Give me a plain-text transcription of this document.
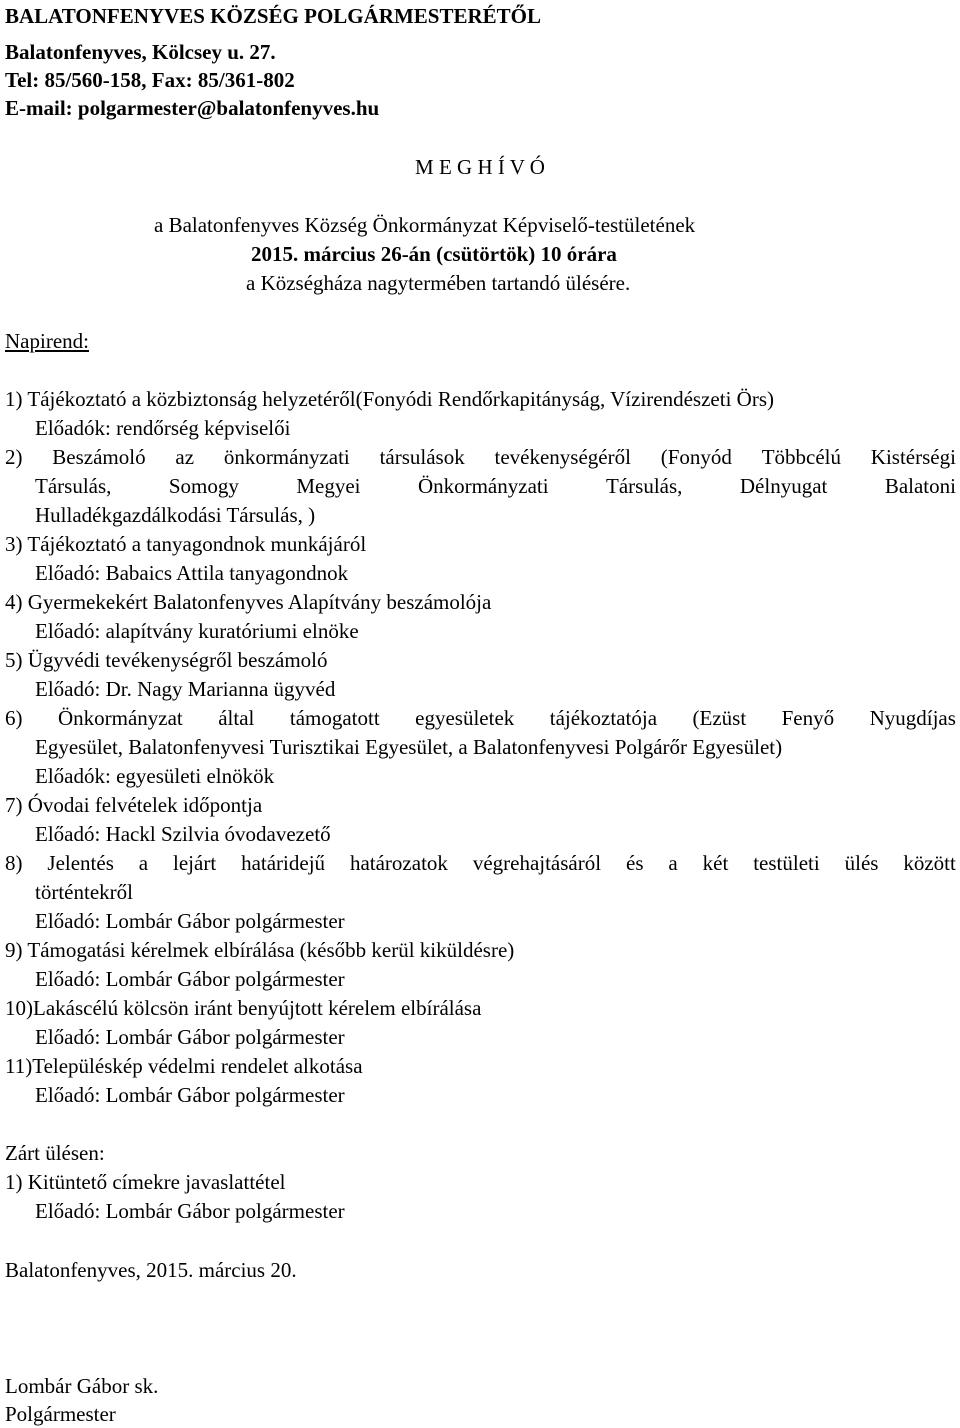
BALATONFENYVES KÖZSÉG POLGÁRMESTERÉTŐL
Balatonfenyves, Kölcsey u. 27.
Tel: 85/560-158, Fax: 85/361-802
E-mail: polgarmester@balatonfenyves.hu
M E G H Í V Ó
a Balatonfenyves Község Önkormányzat Képviselő-testületének
2015. március 26-án (csütörtök) 10 órára
a Községháza nagytermében tartandó ülésére.
Napirend:
1) Tájékoztató a közbiztonság helyzetéről(Fonyódi Rendőrkapitányság, Vízirendészeti Örs)
Előadók: rendőrség képviselői
2) Beszámoló az önkormányzati társulások tevékenységéről (Fonyód Többcélú Kistérségi
Társulás,	Somogy	Megyei	Önkormányzati	Társulás,	Délnyugat	Balatoni
Hulladékgazdálkodási Társulás, )
3) Tájékoztató a tanyagondnok munkájáról
Előadó: Babaics Attila tanyagondnok
4) Gyermekekért Balatonfenyves Alapítvány beszámolója
Előadó: alapítvány kuratóriumi elnöke
5) Ügyvédi tevékenységről beszámoló
Előadó: Dr. Nagy Marianna ügyvéd
6) Önkormányzat által támogatott egyesületek tájékoztatója (Ezüst Fenyő Nyugdíjas
Egyesület, Balatonfenyvesi Turisztikai Egyesület, a Balatonfenyvesi Polgárőr Egyesület)
Előadók: egyesületi elnökök
7) Óvodai felvételek időpontja
Előadó: Hackl Szilvia óvodavezető
8) Jelentés a lejárt határidejű határozatok végrehajtásáról és a két testületi ülés között
történtekről
Előadó: Lombár Gábor polgármester
9) Támogatási kérelmek elbírálása (később kerül kiküldésre)
Előadó: Lombár Gábor polgármester
10)Lakáscélú kölcsön iránt benyújtott kérelem elbírálása
Előadó: Lombár Gábor polgármester
11)Településkép védelmi rendelet alkotása
Előadó: Lombár Gábor polgármester
Zárt ülésen:
1) Kitüntető címekre javaslattétel
Előadó: Lombár Gábor polgármester
Balatonfenyves, 2015. március 20.
Lombár Gábor sk.
Polgármester
